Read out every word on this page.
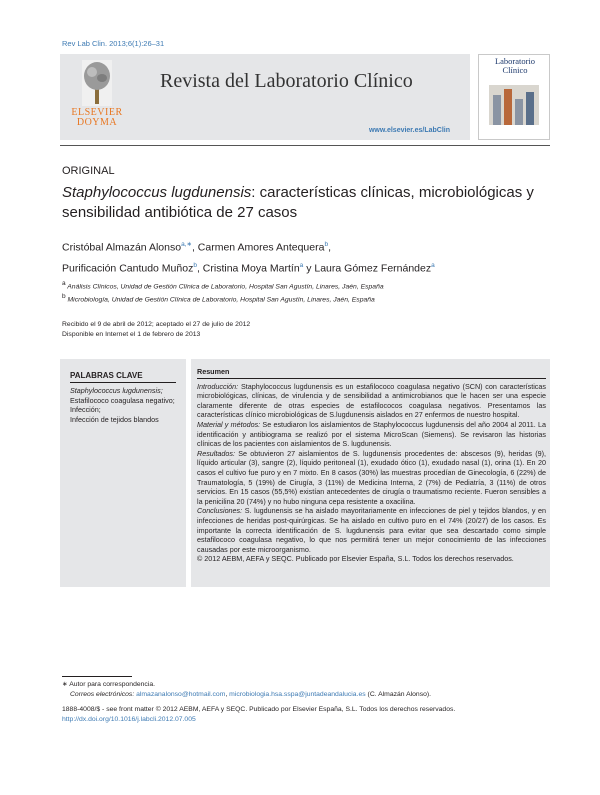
Rev Lab Clin. 2013;6(1):26–31
ELSEVIER
DOYMA
Revista del Laboratorio Clínico
www.elsevier.es/LabClin
Laboratorio
Clínico
ORIGINAL
Staphylococcus lugdunensis: características clínicas, microbiológicas y sensibilidad antibiótica de 27 casos
Cristóbal Almazán Alonso$^{a,∗}$, Carmen Amores Antequera$^b$,
Purificación Cantudo Muñoz$^b$, Cristina Moya Martín$^a$ y Laura Gómez Fernández$^a$
$^a$ Análisis Clínicos, Unidad de Gestión Clínica de Laboratorio, Hospital San Agustín, Linares, Jaén, España
$^b$ Microbiología, Unidad de Gestión Clínica de Laboratorio, Hospital San Agustín, Linares, Jaén, España
Recibido el 9 de abril de 2012; aceptado el 27 de julio de 2012
Disponible en Internet el 1 de febrero de 2013
PALABRAS CLAVE
Staphylococcus lugdunensis;
Estafilococo coagulasa negativo;
Infección;
Infección de tejidos blandos
Resumen
Introducción: Staphylococcus lugdunensis es un estafilococo coagulasa negativo (SCN) con características microbiológicas, clínicas, de virulencia y de sensibilidad a antimicrobianos que le hacen ser una especie claramente diferente de otras especies de estafilococos coagulasa negativos. Presentamos las características clínico microbiológicas de S.lugdunensis aislados en 27 enfermos de nuestro hospital.
Material y métodos: Se estudiaron los aislamientos de Staphylococcus lugdunensis del año 2004 al 2011. La identificación y antibiograma se realizó por el sistema MicroScan (Siemens). Se revisaron las historias clínicas de los pacientes con aislamientos de S. lugdunensis.
Resultados: Se obtuvieron 27 aislamientos de S. lugdunensis procedentes de: abscesos (9), heridas (9), líquido articular (3), sangre (2), líquido peritoneal (1), exudado ótico (1), exudado nasal (1), orina (1). En 20 casos el cultivo fue puro y en 7 mixto. En 8 casos (30%) las muestras procedían de Ginecología, 6 (22%) de Traumatología, 5 (19%) de Cirugía, 3 (11%) de Medicina Interna, 2 (7%) de Pediatría, 3 (11%) de otros servicios. En 15 casos (55,5%) existían antecedentes de cirugía o traumatismo reciente. Fueron sensibles a la penicilina 20 (74%) y no hubo ninguna cepa resistente a oxacilina.
Conclusiones: S. lugdunensis se ha aislado mayoritariamente en infecciones de piel y tejidos blandos, y en infecciones de heridas post-quirúrgicas. Se ha aislado en cultivo puro en el 74% (20/27) de los casos. Es importante la correcta identificación de S. lugdunensis para evitar que sea descartado como simple estafilococo coagulasa negativo, lo que nos permitirá tener un mejor conocimiento de las infecciones causadas por este microorganismo.
© 2012 AEBM, AEFA y SEQC. Publicado por Elsevier España, S.L. Todos los derechos reservados.
∗ Autor para correspondencia.
Correos electrónicos: almazanalonso@hotmail.com, microbiologia.hsa.sspa@juntadeandalucia.es (C. Almazán Alonso).
1888-4008/$ - see front matter © 2012 AEBM, AEFA y SEQC. Publicado por Elsevier España, S.L. Todos los derechos reservados.
http://dx.doi.org/10.1016/j.labcli.2012.07.005
